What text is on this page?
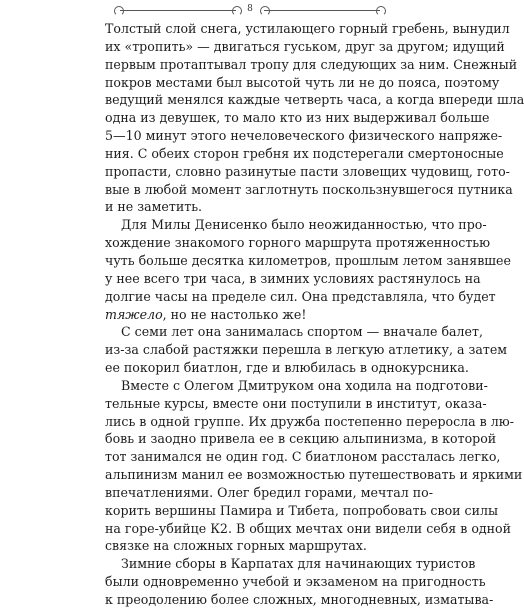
8
Толстый слой снега, устилающего горный гребень, вынудил
их «тропить» — двигаться гуськом, друг за другом; идущий
первым протаптывал тропу для следующих за ним. Снежный
покров местами был высотой чуть ли не до пояса, поэтому
ведущий менялся каждые четверть часа, а когда впереди шла
одна из девушек, то мало кто из них выдерживал больше
5—10 минут этого нечеловеческого физического напряже-
ния. С обеих сторон гребня их подстерегали смертоносные
пропасти, словно разинутые пасти зловещих чудовищ, гото-
вые в любой момент заглотнуть поскользнувшегося путника
и не заметить.
Для Милы Денисенко было неожиданностью, что про-
хождение знакомого горного маршрута протяженностью
чуть больше десятка километров, прошлым летом занявшее
у нее всего три часа, в зимних условиях растянулось на
долгие часы на пределе сил. Она представляла, что будет
тяжело, но не настолько же!
С семи лет она занималась спортом — вначале балет,
из-за слабой растяжки перешла в легкую атлетику, а затем
ее покорил биатлон, где и влюбилась в однокурсника.
Вместе с Олегом Дмитруком она ходила на подготови-
тельные курсы, вместе они поступили в институт, оказа-
лись в одной группе. Их дружба постепенно переросла в лю-
бовь и заодно привела ее в секцию альпинизма, в которой
тот занимался не один год. С биатлоном рассталась легко,
альпинизм манил ее возможностью путешествовать и яркими
впечатлениями. Олег бредил горами, мечтал по-
корить вершины Памира и Тибета, попробовать свои силы
на горе-убийце К2. В общих мечтах они видели себя в одной
связке на сложных горных маршрутах.
Зимние сборы в Карпатах для начинающих туристов
были одновременно учебой и экзаменом на пригодность
к преодолению более сложных, многодневных, изматыва-
